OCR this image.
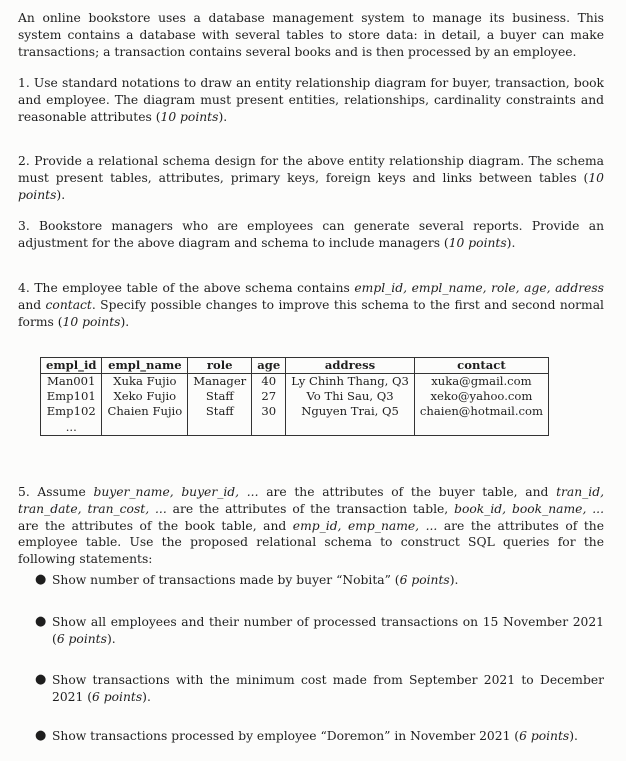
An online bookstore uses a database management system to manage its business. This system contains a database with several tables to store data: in detail, a buyer can make transactions; a transaction contains several books and is then processed by an employee.

1. Use standard notations to draw an entity relationship diagram for buyer, transaction, book and employee. The diagram must present entities, relationships, cardinality constraints and reasonable attributes (10 points).

2. Provide a relational schema design for the above entity relationship diagram. The schema must present tables, attributes, primary keys, foreign keys and links between tables (10 points).

3. Bookstore managers who are employees can generate several reports. Provide an adjustment for the above diagram and schema to include managers (10 points).

4. The employee table of the above schema contains empl_id, empl_name, role, age, address and contact. Specify possible changes to improve this schema to the first and second normal forms (10 points).

empl_id	empl_name	role	age	address	contact
Man001	Xuka Fujio	Manager	40	Ly Chinh Thang, Q3	xuka@gmail.com
Emp101	Xeko Fujio	Staff	27	Vo Thi Sau, Q3	xeko@yahoo.com
Emp102	Chaien Fujio	Staff	30	Nguyen Trai, Q5	chaien@hotmail.com
...					

5. Assume buyer_name, buyer_id, ... are the attributes of the buyer table, and tran_id, tran_date, tran_cost, ... are the attributes of the transaction table, book_id, book_name, ... are the attributes of the book table, and emp_id, emp_name, ... are the attributes of the employee table. Use the proposed relational schema to construct SQL queries for the following statements:

● Show number of transactions made by buyer “Nobita” (6 points).
● Show all employees and their number of processed transactions on 15 November 2021 (6 points).
● Show transactions with the minimum cost made from September 2021 to December 2021 (6 points).
● Show transactions processed by employee “Doremon” in November 2021 (6 points).
